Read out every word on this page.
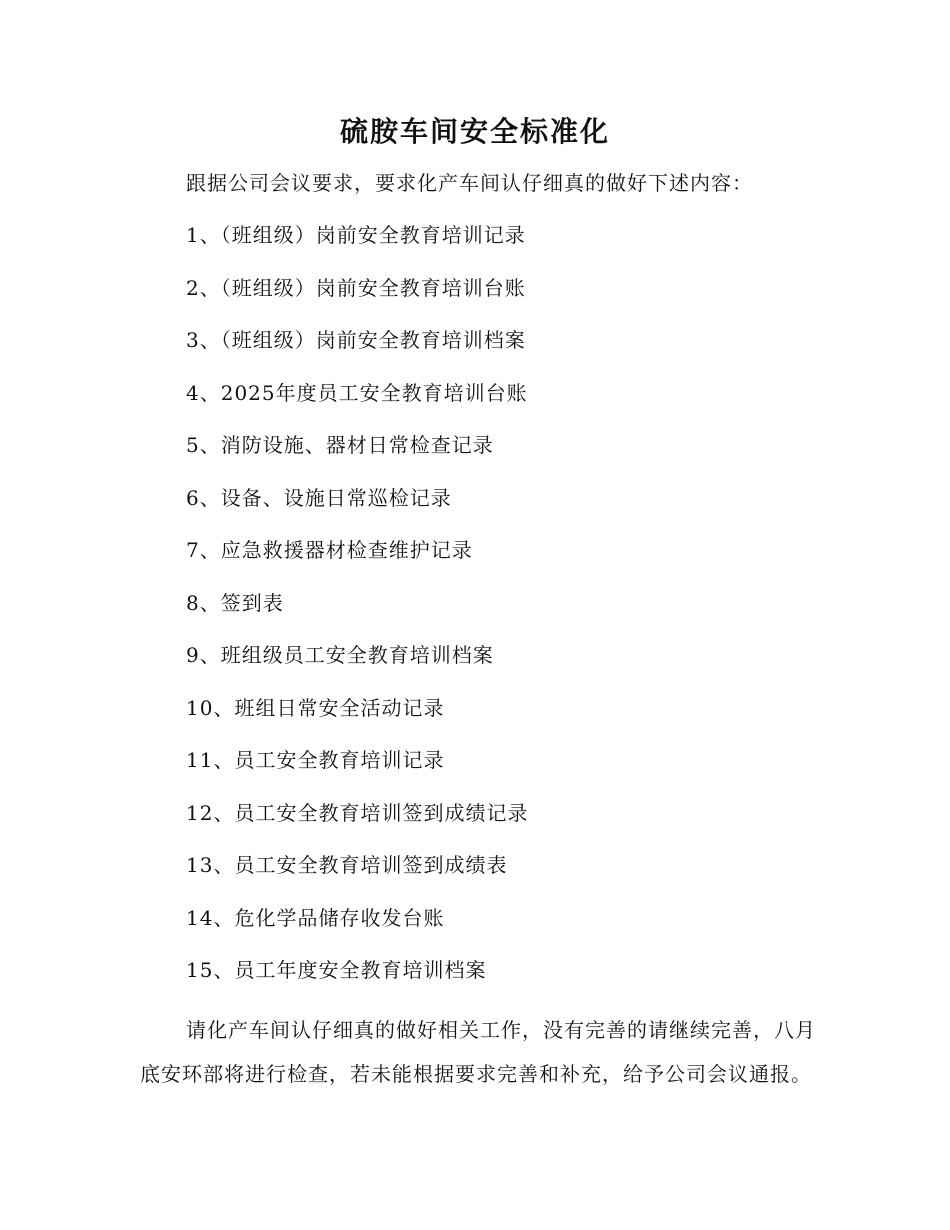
硫胺车间安全标准化
跟据公司会议要求，要求化产车间认仔细真的做好下述内容：
1、（班组级）岗前安全教育培训记录
2、（班组级）岗前安全教育培训台账
3、（班组级）岗前安全教育培训档案
4、2025年度员工安全教育培训台账
5、消防设施、器材日常检查记录
6、设备、设施日常巡检记录
7、应急救援器材检查维护记录
8、签到表
9、班组级员工安全教育培训档案
10、班组日常安全活动记录
11、员工安全教育培训记录
12、员工安全教育培训签到成绩记录
13、员工安全教育培训签到成绩表
14、危化学品储存收发台账
15、员工年度安全教育培训档案

请化产车间认仔细真的做好相关工作，没有完善的请继续完善，八月底安环部将进行检查，若未能根据要求完善和补充，给予公司会议通报。
